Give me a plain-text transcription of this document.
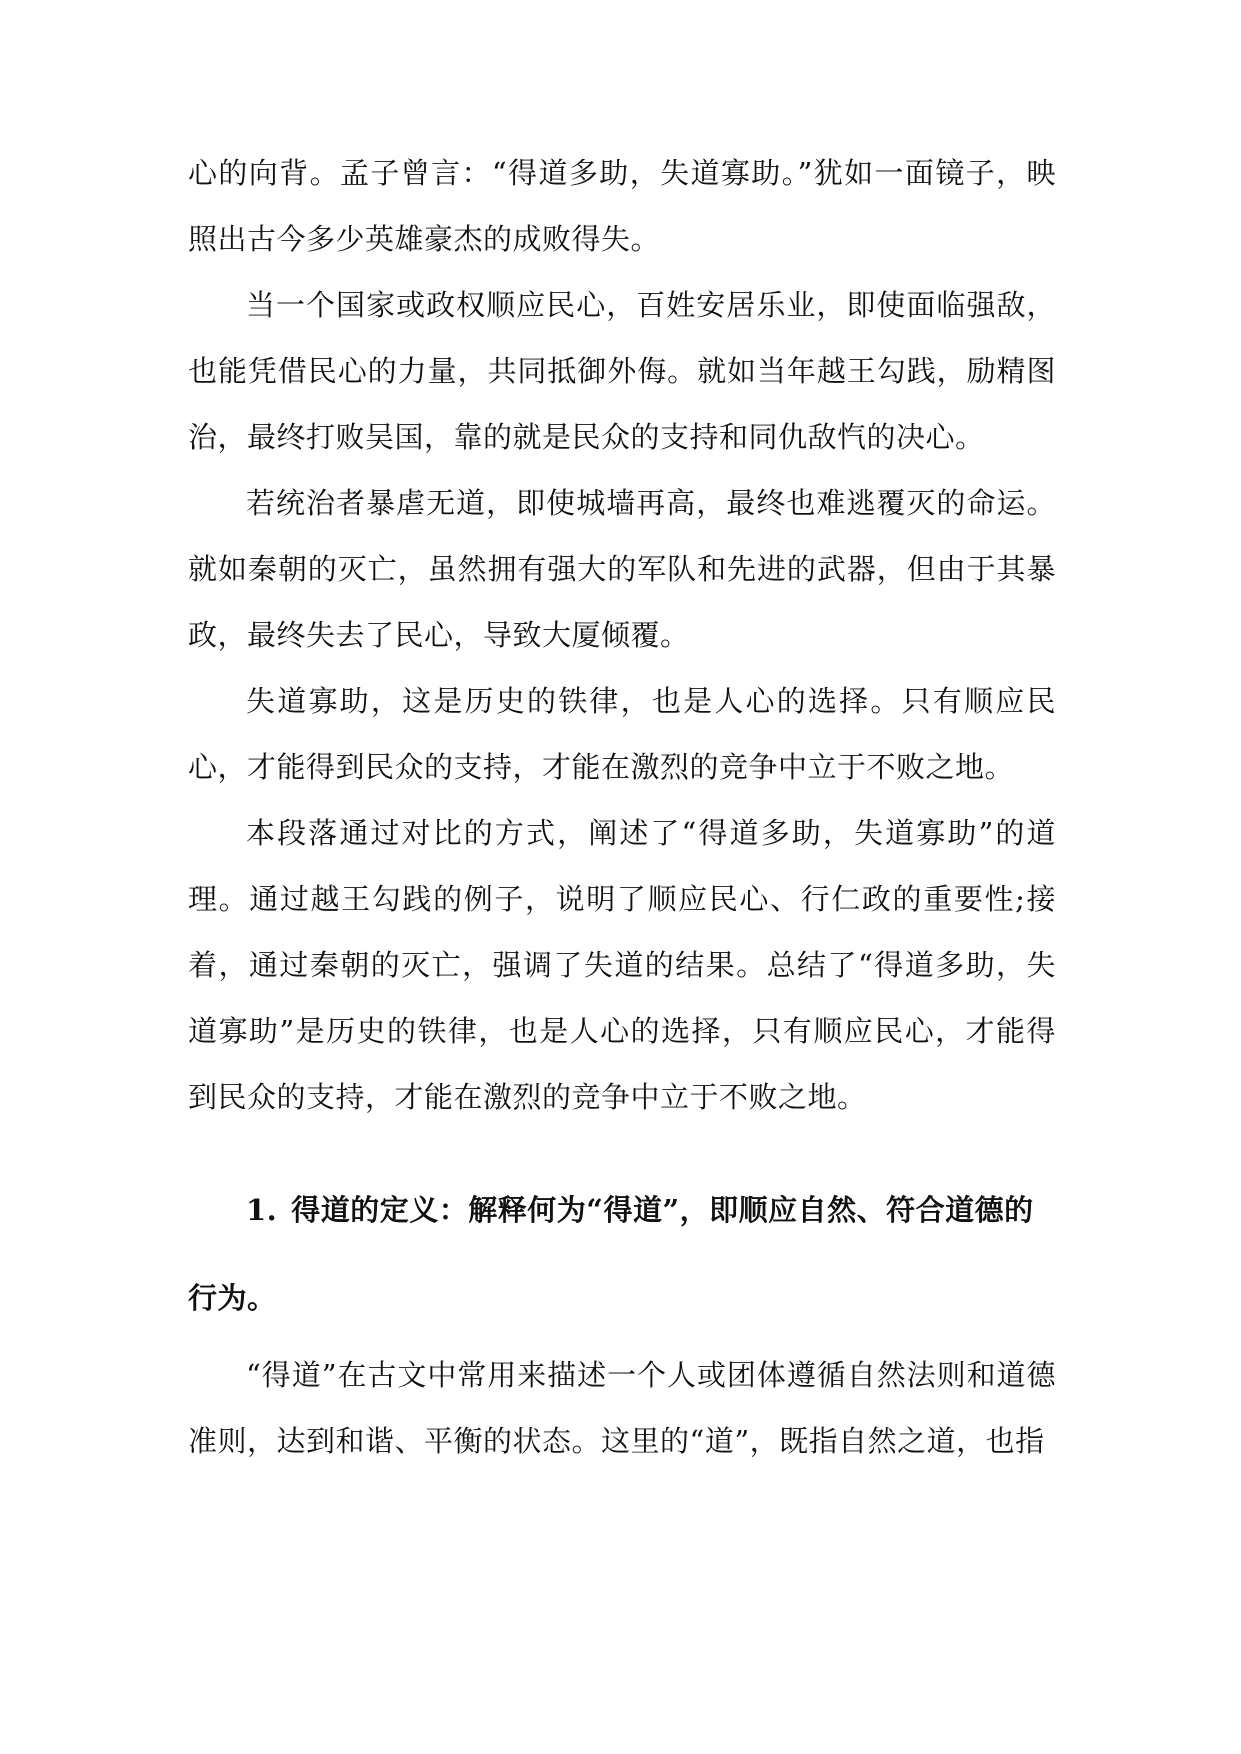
心的向背。孟子曾言：“得道多助，失道寡助。”犹如一面镜子，映照出古今多少英雄豪杰的成败得失。

当一个国家或政权顺应民心，百姓安居乐业，即使面临强敌，也能凭借民心的力量，共同抵御外侮。就如当年越王勾践，励精图治，最终打败吴国，靠的就是民众的支持和同仇敌忾的决心。

若统治者暴虐无道，即使城墙再高，最终也难逃覆灭的命运。就如秦朝的灭亡，虽然拥有强大的军队和先进的武器，但由于其暴政，最终失去了民心，导致大厦倾覆。

失道寡助，这是历史的铁律，也是人心的选择。只有顺应民心，才能得到民众的支持，才能在激烈的竞争中立于不败之地。

本段落通过对比的方式，阐述了“得道多助，失道寡助”的道理。通过越王勾践的例子，说明了顺应民心、行仁政的重要性;接着，通过秦朝的灭亡，强调了失道的结果。总结了“得道多助，失道寡助”是历史的铁律，也是人心的选择，只有顺应民心，才能得到民众的支持，才能在激烈的竞争中立于不败之地。

1. 得道的定义：解释何为“得道”，即顺应自然、符合道德的行为。

“得道”在古文中常用来描述一个人或团体遵循自然法则和道德准则，达到和谐、平衡的状态。这里的“道”，既指自然之道，也指
